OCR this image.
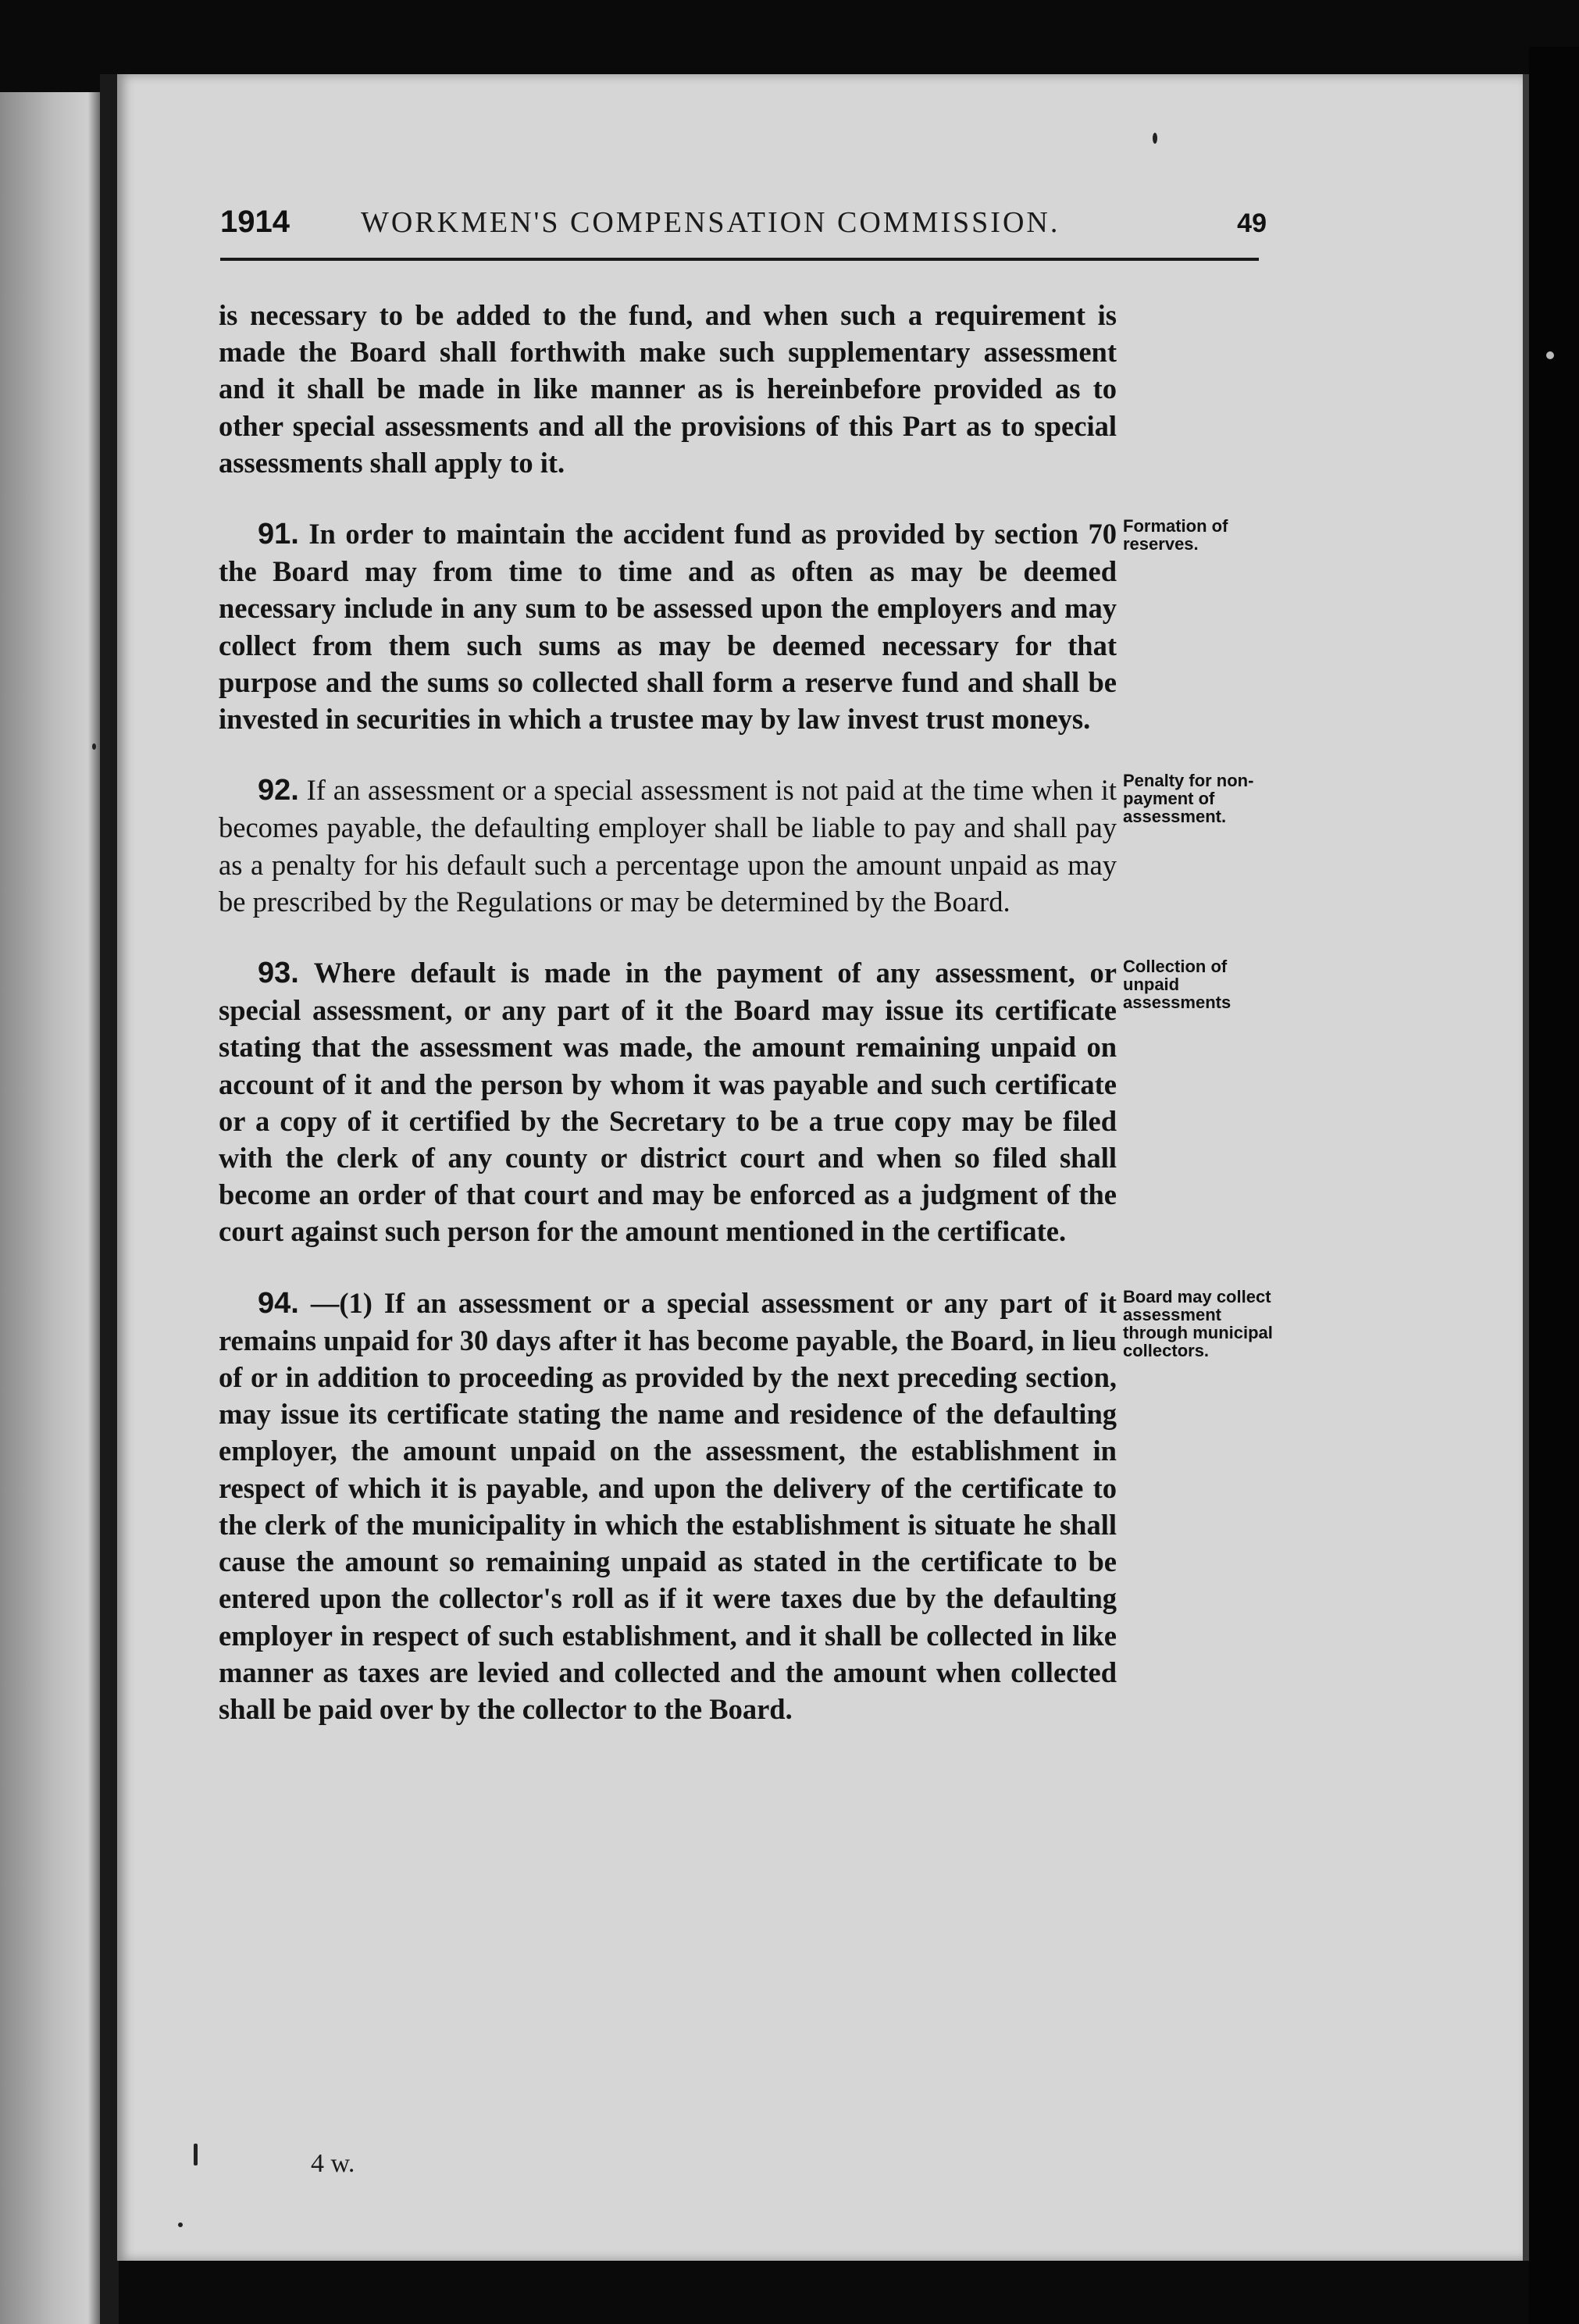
1914	WORKMEN'S COMPENSATION COMMISSION.	49

is necessary to be added to the fund, and when such a requirement is made the Board shall forthwith make such supplementary assessment and it shall be made in like manner as is hereinbefore provided as to other special assessments and all the provisions of this Part as to special assessments shall apply to it.

Formation of reserves.
91. In order to maintain the accident fund as provided by section 70 the Board may from time to time and as often as may be deemed necessary include in any sum to be assessed upon the employers and may collect from them such sums as may be deemed necessary for that purpose and the sums so collected shall form a reserve fund and shall be invested in securities in which a trustee may by law invest trust moneys.

Penalty for non-payment of assessment.
92. If an assessment or a special assessment is not paid at the time when it becomes payable, the defaulting employer shall be liable to pay and shall pay as a penalty for his default such a percentage upon the amount unpaid as may be prescribed by the Regulations or may be determined by the Board.

Collection of unpaid assessments
93. Where default is made in the payment of any assessment, or special assessment, or any part of it the Board may issue its certificate stating that the assessment was made, the amount remaining unpaid on account of it and the person by whom it was payable and such certificate or a copy of it certified by the Secretary to be a true copy may be filed with the clerk of any county or district court and when so filed shall become an order of that court and may be enforced as a judgment of the court against such person for the amount mentioned in the certificate.

Board may collect assessment through municipal collectors.
94. —(1) If an assessment or a special assessment or any part of it remains unpaid for 30 days after it has become payable, the Board, in lieu of or in addition to proceeding as provided by the next preceding section, may issue its certificate stating the name and residence of the defaulting employer, the amount unpaid on the assessment, the establishment in respect of which it is payable, and upon the delivery of the certificate to the clerk of the municipality in which the establishment is situate he shall cause the amount so remaining unpaid as stated in the certificate to be entered upon the collector's roll as if it were taxes due by the defaulting employer in respect of such establishment, and it shall be collected in like manner as taxes are levied and collected and the amount when collected shall be paid over by the collector to the Board.

4 w.
